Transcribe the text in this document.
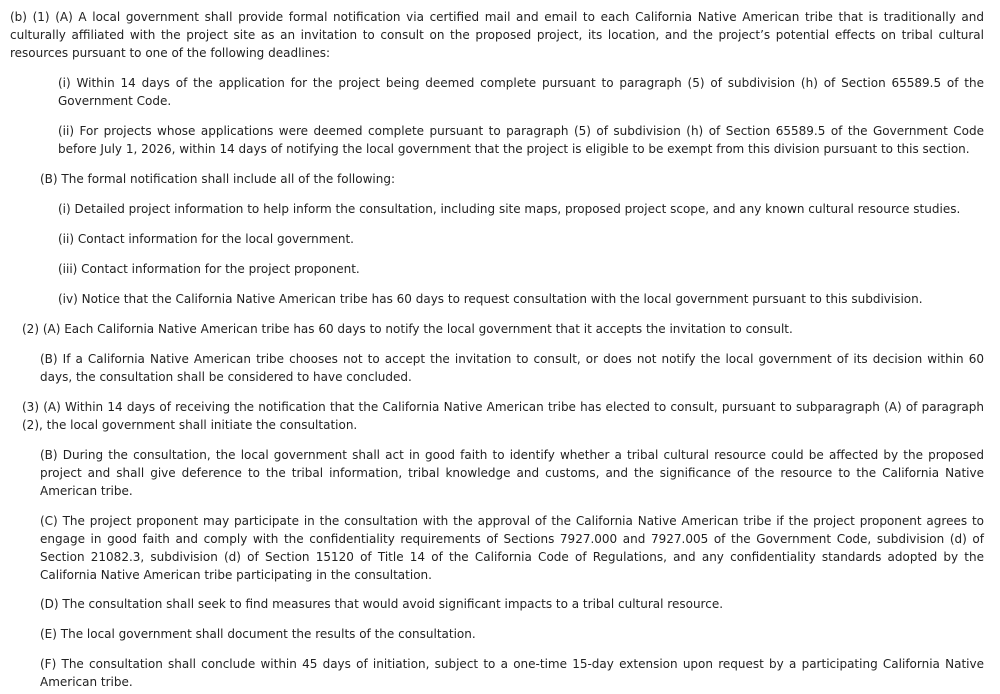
(b) (1) (A) A local government shall provide formal notification via certified mail and email to each California Native American tribe that is traditionally and culturally affiliated with the project site as an invitation to consult on the proposed project, its location, and the project’s potential effects on tribal cultural resources pursuant to one of the following deadlines:

(i) Within 14 days of the application for the project being deemed complete pursuant to paragraph (5) of subdivision (h) of Section 65589.5 of the Government Code.

(ii) For projects whose applications were deemed complete pursuant to paragraph (5) of subdivision (h) of Section 65589.5 of the Government Code before July 1, 2026, within 14 days of notifying the local government that the project is eligible to be exempt from this division pursuant to this section.

(B) The formal notification shall include all of the following:

(i) Detailed project information to help inform the consultation, including site maps, proposed project scope, and any known cultural resource studies.

(ii) Contact information for the local government.

(iii) Contact information for the project proponent.

(iv) Notice that the California Native American tribe has 60 days to request consultation with the local government pursuant to this subdivision.

(2) (A) Each California Native American tribe has 60 days to notify the local government that it accepts the invitation to consult.

(B) If a California Native American tribe chooses not to accept the invitation to consult, or does not notify the local government of its decision within 60 days, the consultation shall be considered to have concluded.

(3) (A) Within 14 days of receiving the notification that the California Native American tribe has elected to consult, pursuant to subparagraph (A) of paragraph (2), the local government shall initiate the consultation.

(B) During the consultation, the local government shall act in good faith to identify whether a tribal cultural resource could be affected by the proposed project and shall give deference to the tribal information, tribal knowledge and customs, and the significance of the resource to the California Native American tribe.

(C) The project proponent may participate in the consultation with the approval of the California Native American tribe if the project proponent agrees to engage in good faith and comply with the confidentiality requirements of Sections 7927.000 and 7927.005 of the Government Code, subdivision (d) of Section 21082.3, subdivision (d) of Section 15120 of Title 14 of the California Code of Regulations, and any confidentiality standards adopted by the California Native American tribe participating in the consultation.

(D) The consultation shall seek to find measures that would avoid significant impacts to a tribal cultural resource.

(E) The local government shall document the results of the consultation.

(F) The consultation shall conclude within 45 days of initiation, subject to a one-time 15-day extension upon request by a participating California Native American tribe.
